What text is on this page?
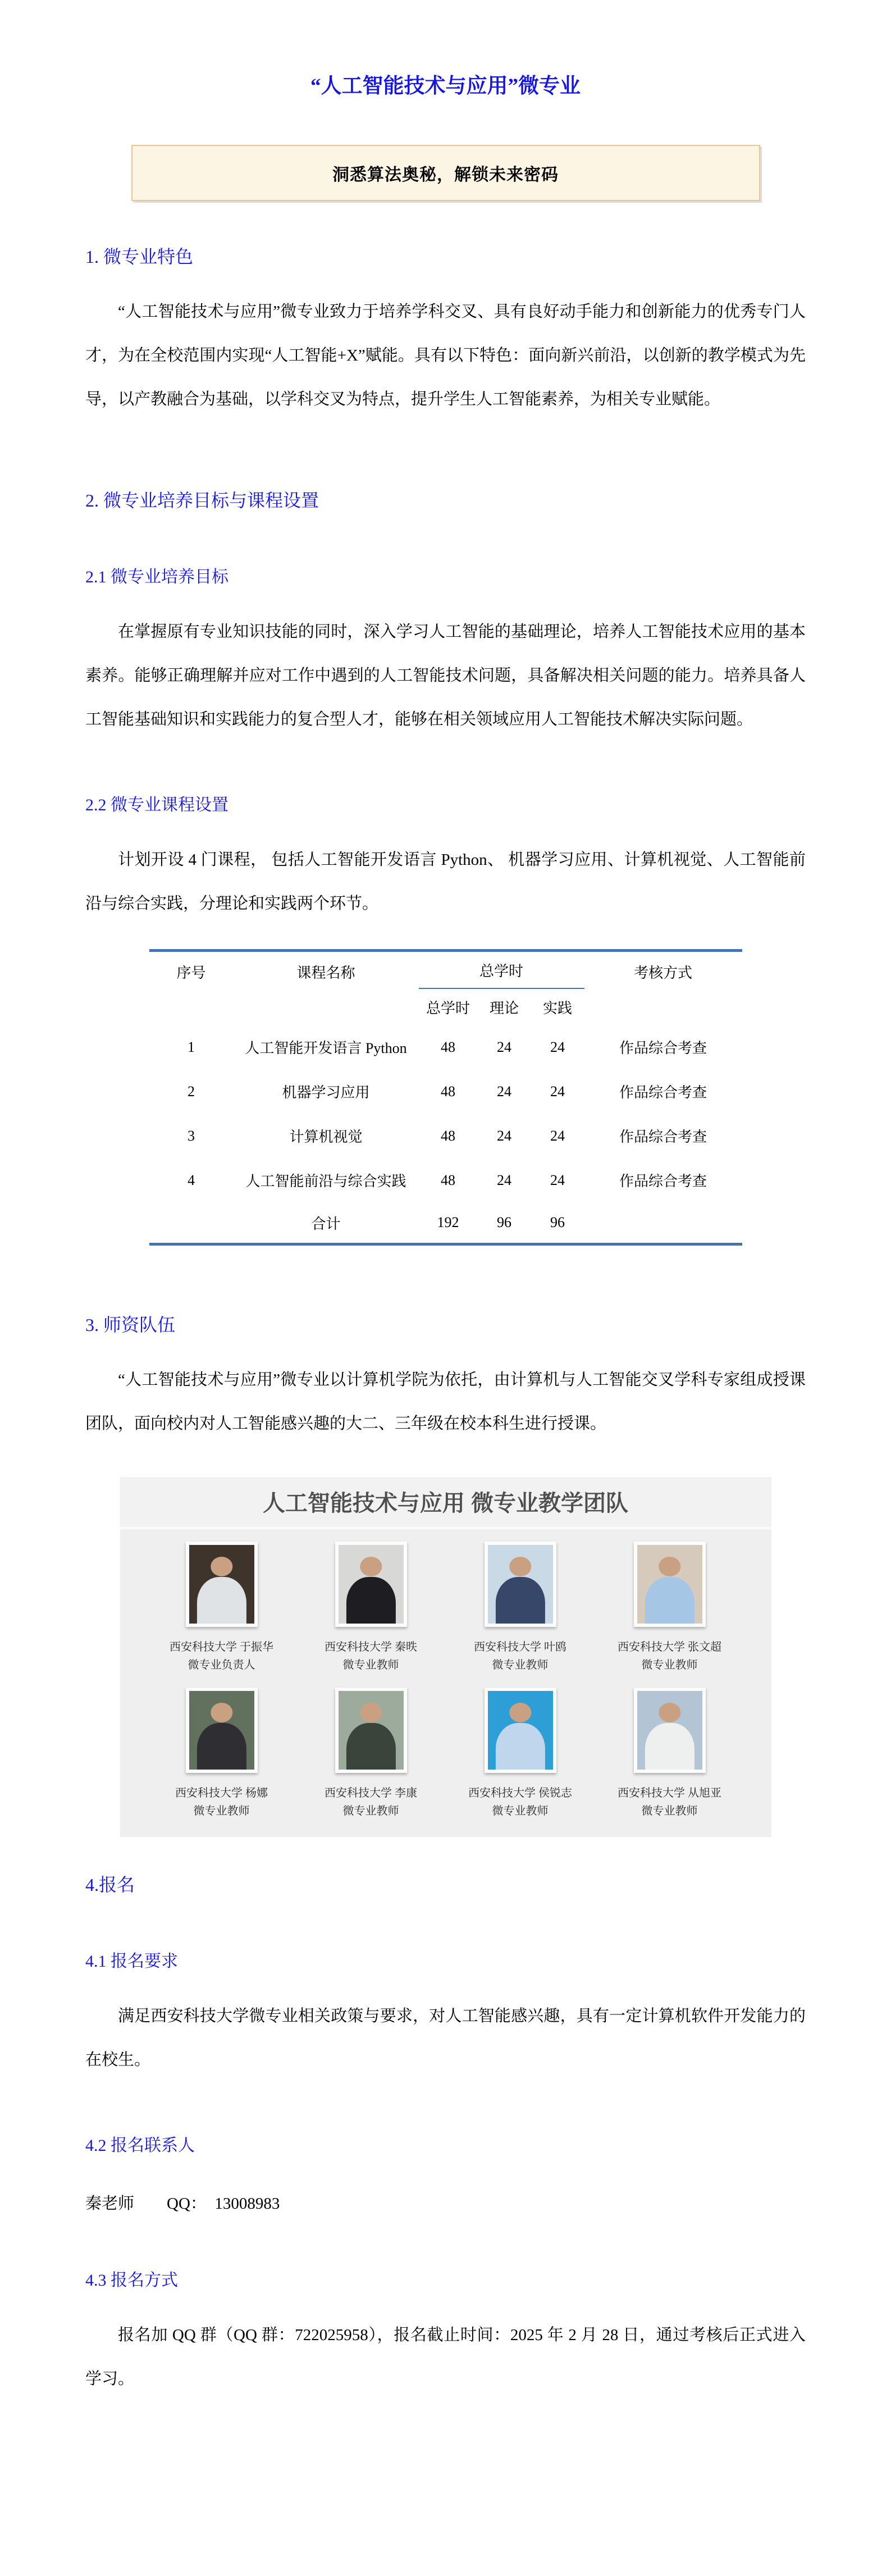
“人工智能技术与应用”微专业
洞悉算法奥秘，解锁未来密码
1. 微专业特色

“人工智能技术与应用”微专业致力于培养学科交叉、具有良好动手能力和创新能力的优秀专门人才，为在全校范围内实现“人工智能+X”赋能。具有以下特色：面向新兴前沿，以创新的教学模式为先导，以产教融合为基础，以学科交叉为特点，提升学生人工智能素养，为相关专业赋能。

2. 微专业培养目标与课程设置
2.1 微专业培养目标

在掌握原有专业知识技能的同时，深入学习人工智能的基础理论，培养人工智能技术应用的基本素养。能够正确理解并应对工作中遇到的人工智能技术问题，具备解决相关问题的能力。培养具备人工智能基础知识和实践能力的复合型人才，能够在相关领域应用人工智能技术解决实际问题。

2.2 微专业课程设置

计划开设 4 门课程， 包括人工智能开发语言 Python、 机器学习应用、计算机视觉、人工智能前沿与综合实践，分理论和实践两个环节。

序号	课程名称	总学时			考核方式
		总学时	理论	实践	
1	人工智能开发语言 Python	48	24	24	作品综合考查
2	机器学习应用	48	24	24	作品综合考查
3	计算机视觉	48	24	24	作品综合考查
4	人工智能前沿与综合实践	48	24	24	作品综合考查
	合计	192	96	96	
3. 师资队伍

“人工智能技术与应用”微专业以计算机学院为依托，由计算机与人工智能交叉学科专家组成授课团队，面向校内对人工智能感兴趣的大二、三年级在校本科生进行授课。

人工智能技术与应用 微专业教学团队
西安科技大学 于振华
微专业负责人
西安科技大学 秦昳
微专业教师
西安科技大学 叶鸥
微专业教师
西安科技大学 张文超
微专业教师
西安科技大学 杨娜
微专业教师
西安科技大学 李康
微专业教师
西安科技大学 侯锐志
微专业教师
西安科技大学 从旭亚
微专业教师
4.报名
4.1 报名要求

满足西安科技大学微专业相关政策与要求，对人工智能感兴趣，具有一定计算机软件开发能力的在校生。

4.2 报名联系人

秦老师　　QQ：　13008983

4.3 报名方式

报名加 QQ 群（QQ 群：722025958），报名截止时间：2025 年 2 月 28 日，通过考核后正式进入学习。
